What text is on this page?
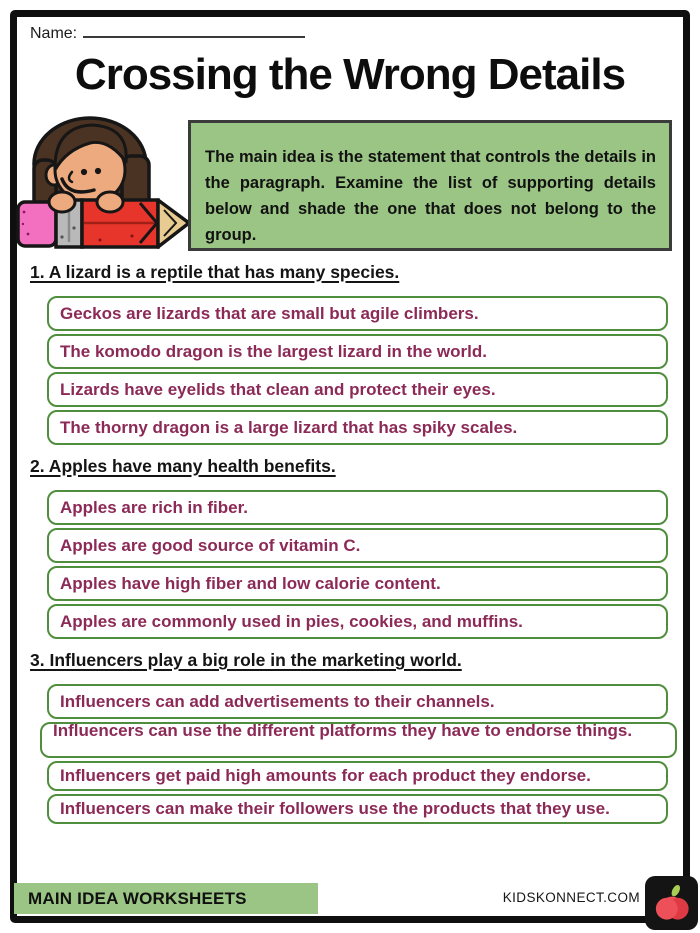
Name:
Crossing the Wrong Details

The main idea is the statement that controls the details in the paragraph. Examine the list of supporting details below and shade the one that does not belong to the group.

1. A lizard is a reptile that has many species.
Geckos are lizards that are small but agile climbers.
The komodo dragon is the largest lizard in the world.
Lizards have eyelids that clean and protect their eyes.
The thorny dragon is a large lizard that has spiky scales.
2. Apples have many health benefits.
Apples are rich in fiber.
Apples are good source of vitamin C.
Apples have high fiber and low calorie content.
Apples are commonly used in pies, cookies, and muffins.
3. Influencers play a big role in the marketing world.
Influencers can add advertisements to their channels.
Influencers can use the different platforms they have to endorse things.
Influencers get paid high amounts for each product they endorse.
Influencers can make their followers use the products that they use.
MAIN IDEA WORKSHEETS	KIDSKONNECT.COM
